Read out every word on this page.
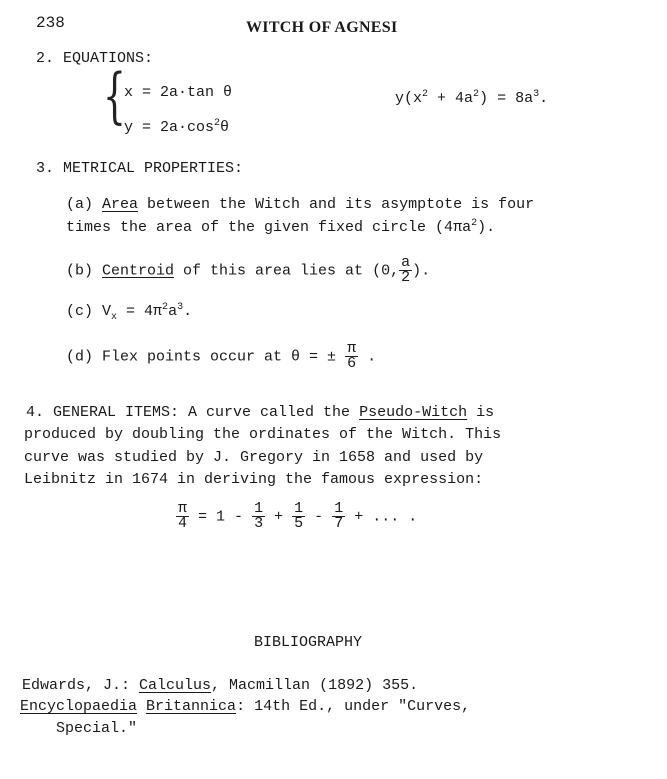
238	WITCH OF AGNESI
2. EQUATIONS:
{
x = 2a·tan θ
$y = 2a\cdot\cos^2\theta$
$y(x^2 + 4a^2) = 8a^3$.
3. METRICAL PROPERTIES:
(a) Area between the Witch and its asymptote is four
times the area of the given fixed circle $(4\pi a^2)$.
(b) Centroid of this area lies at (0, $\frac{a}{2}$ ).
(c) $V_x = 4\pi^2a^3$.
(d) Flex points occur at θ = ± $\frac{\pi}{6}$ .
4. GENERAL ITEMS: A curve called the Pseudo-Witch is
produced by doubling the ordinates of the Witch. This
curve was studied by J. Gregory in 1658 and used by
Leibnitz in 1674 in deriving the famous expression:
$\frac{\pi}{4} = 1 - \frac{1}{3} + \frac{1}{5} - \frac{1}{7}$ + ... .
BIBLIOGRAPHY
Edwards, J.: Calculus, Macmillan (1892) 355.
Encyclopaedia Britannica: 14th Ed., under "Curves,
Special."
